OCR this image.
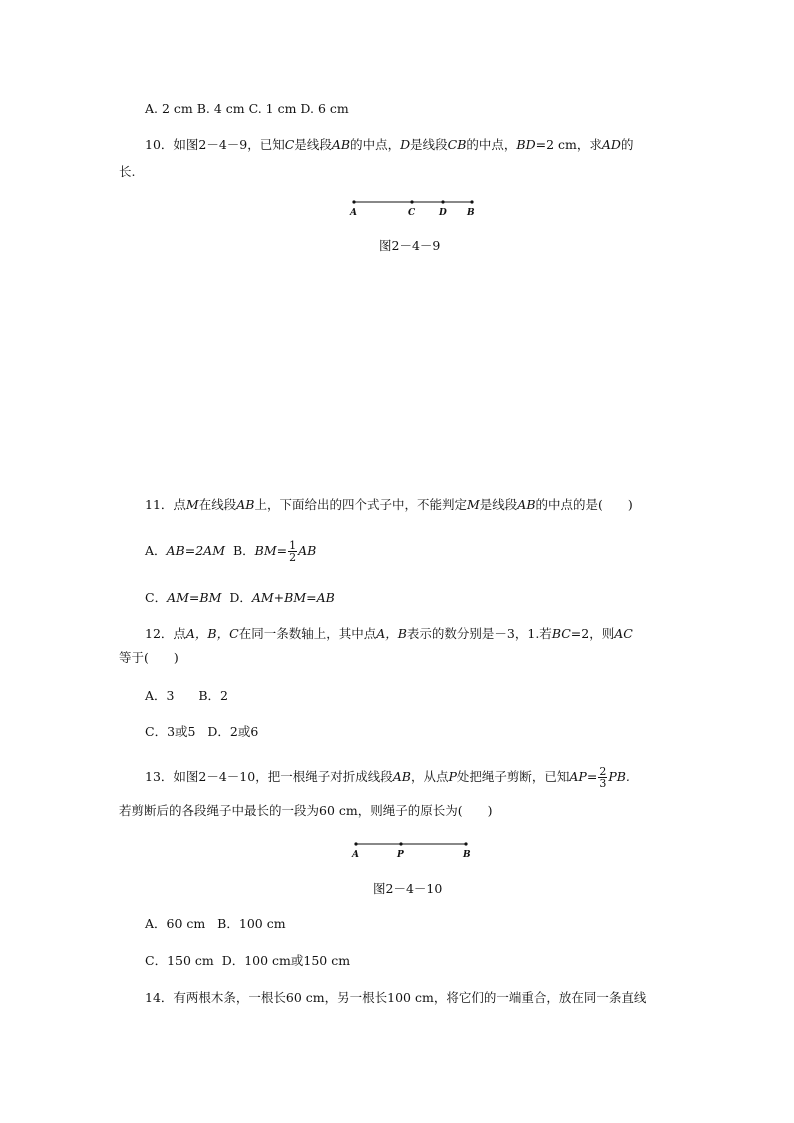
A. 2 cm B. 4 cm C. 1 cm D. 6 cm
10．如图2－4－9，已知C是线段AB的中点，D是线段CB的中点，BD=2 cm，求AD的
长.
A	C	D B
图2－4－9
11．点M在线段AB上，下面给出的四个式子中，不能判定M是线段AB的中点的是(　　)
A．AB=2AM  B．$BM= \frac{1}{2}$ AB
C．AM=BM  D．AM+BM=AB
12．点A，B，C在同一条数轴上，其中点A，B表示的数分别是－3，1.若BC=2，则AC
等于(　　)
A．3      B．2
C．3或5   D．2或6
13．如图2－4－10，把一根绳子对折成线段AB，从点P处把绳子剪断，已知$AP= \frac{2}{3}$ PB.
若剪断后的各段绳子中最长的一段为60 cm，则绳子的原长为(　　)
A	P	B
图2－4－10
A．60 cm   B．100 cm
C．150 cm  D．100 cm或150 cm
14．有两根木条，一根长60 cm，另一根长100 cm，将它们的一端重合，放在同一条直线
